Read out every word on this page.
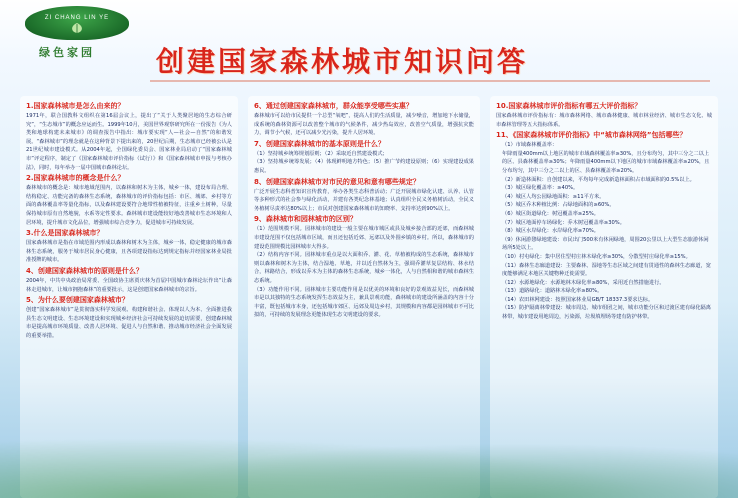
ZI CHANG LIN YE
绿色家园 创建国家森林城市知识问答
1.国家森林城市是怎么由来的？

1971年，联合国教科文组织在第16届会议上，提出了“关于人类聚居地的生态综合研究”，“生态城市”的概念应运而生。1999年10月，美国世界观察研究所在一份报告《为人类和地球构建未来城市》的调查报告中指出：城市要实现“人—社会—自然”的和谐发展。“森林城市”的理念就是在这种背景下提出来的，20世纪后期，生态城市已经被公认是21世纪城市建设模式。从2004年起，全国绿化委员会、国家林业局启动了“国家森林城市”评定程序，制定了《国家森林城市评价指标（试行）》和《国家森林城市申报与考核办法》，同时，每年举办一届中国城市森林论坛。

2.国家森林城市的概念是什么？

森林城市的概念是：城市地域范围内，以森林和树木为主体，城乡一体，建设布局合理、结构稳定、功能完备的森林生态系统，森林城市的评价指标包括：市区、城郊、乡村等方面的森林覆盖率等量化指标，以及森林建设要符合地带性植被特征，注重乡土树种，尽量保持城市原有自然地貌，水系等定性要求。森林城市建设能较好地改善城市生态环境和人居环境，提升城市文化品位，增强城市综合竞争力，促进城市可持续发展。

3.什么是国家森林城市？

国家森林城市是指在市域范围内形成以森林和树木为主体，城乡一体，稳定健康的城市森林生态系统，服务于城市居民身心健康，且各项建设指标达到规定指标并经国家林业局批准授牌的城市。

4、创建国家森林城市的原则是什么？

2004年，中共中央政治局常委、全国政协主席贾庆林为首届中国城市森林论坛作出“让森林走进城市，让城市拥抱森林”的重要批示，这是创建国家森林城市的宗旨。

5、为什么要创建国家森林城市？

创建“国家森林城市”是贯彻落实科学发展观、构建和谐社会、体现以人为本、全面推进我县生态文明建设、生态环境建设和实现城乡经济社会可持续发展的迫切需要，创建森林城市是提高城市环境质量、改善人居环境、促进人与自然和谐、推动城市经济社会全面发展的重要举措。

6、通过创建国家森林城市，群众能享受哪些实惠？

森林城市可以给市民提供一个总型“氧吧”，提高人们的生活质量，减少噪音，增加地下水储量，成系统的森林资源可以改善整个城市的气候条件，减少热岛效应，改善空气质量，增强抗灾能力，调节小气候，还可以减少光污染，提升人居环境。

7、创建国家森林城市的基本原则是什么？

（1）坚持城乡统筹规划原则；（2）采取近自然建设模式；

（3）坚持城乡统筹发展；（4）体现鲜明地方特色；（5）推广节约建设原则；（6）实现建设成果惠民。

8、创建国家森林城市对市民的意见和意有哪些规定？

广泛开展生态科普知识宣传教育，举办各类生态科普活动；广泛开展城市绿化认建、认养、认管等多种形式的社会参与绿化活动，并建有各类纪念林基地；认真组织全民义务植树活动，全民义务植树尽责率达80%以上；市民对创建国家森林城市的知晓率、支持率达到90%以上。

9、森林城市和园林城市的区别？

（1）范围规模不同。园林城市的建设一般主要在城市城区或县及城乡接合部的近郊，而森林城市建设范围不仅包括城市区域，而且还包括近郊、远郊以及外围乡镇的乡村。所以，森林城市的建设范围规模比园林城市大得多。

（2）结构内容不同。园林城市重点是以大面积乔、灌、花、草植被构成的生态系统，森林城市则以森林和树木为主体，结合湿地、草地，并以近自然林为主，强调乔灌草复层结构、林水结合，林路结合，形成以乔木为主体的森林生态系统，城乡一体化，人与自然相和谐的城市森林生态系统。

（3）功能作用不同。园林城市主要功能作用是以优美的环境和良好的景观效益见长，而森林城市是以其独特的生态系统发挥生态效益为主，兼具景观功能，森林城市的建设所涵盖的内容十分丰富，既包括城市本身，还包括城市郊区、远郊及周边乡村，其规模和内容都是园林城市不可比拟的，可持续的发展理念更能体现生态文明建设的要求。

10.国家森林城市评价指标有哪五大评价指标？

国家森林城市评价指标有：城市森林网络、城市森林健康、城市林业经济、城市生态文化、城市森林管理等五大指标体系。

11、《国家森林城市评价指标》中“城市森林网络”包括哪些？

（1）市域森林覆盖率：

年降雨量400mm以上地区的城市市域森林覆盖率≥30%，且分布均匀，其中三分之二以上的区、县森林覆盖率≥30%；年降雨量400mm以下地区的城市市域森林覆盖率≥20%，且分布均匀，其中三分之二以上的区、县森林覆盖率≥20%。

（2）新造林面积：自创建以来，平均每年完成新造林面积占市域面积的0.5%以上。

（3）城区绿化覆盖率：≥40%。

（4）城区人均公园绿地面积：≥11平方米。

（5）城区乔木种植比例：占绿地面积的≥60%。

（6）城区街道绿化：树冠覆盖率≥25%。

（7）城区地面停车场绿化：乔木树冠覆盖率≥30%。

（8）城区水岸绿化：水岸绿化率≥70%。

（9）休闲游憩绿地建设：市民出门500米有休闲绿地，周围20公里以上大型生态旅游休闲场所5处以上。

（10）村屯绿化：集中居住型村庄林木绿化率≥30%，分散型村庄绿化率≥15%。

（11）森林生态廊道建设：主要森林、湿地等生态区域之间建有贯通性的森林生态廊道，宽度能够满足本地区关键物种迁徙需要。

（12）水源地绿化：水源地林木绿化率≥80%，采用近自然措施进行。

（13）道路绿化：道路林木绿化率≥80%。

（14）农田林网建设：按照国家林业局GB/T 18337.3要求达标。

（15）防护隔离林带建设：城市周边、城市组团之间，城市功能分区和过渡区建有绿化隔离林带，城市建设用地周边，污染源，垃圾填埋场等建有防护林带。
